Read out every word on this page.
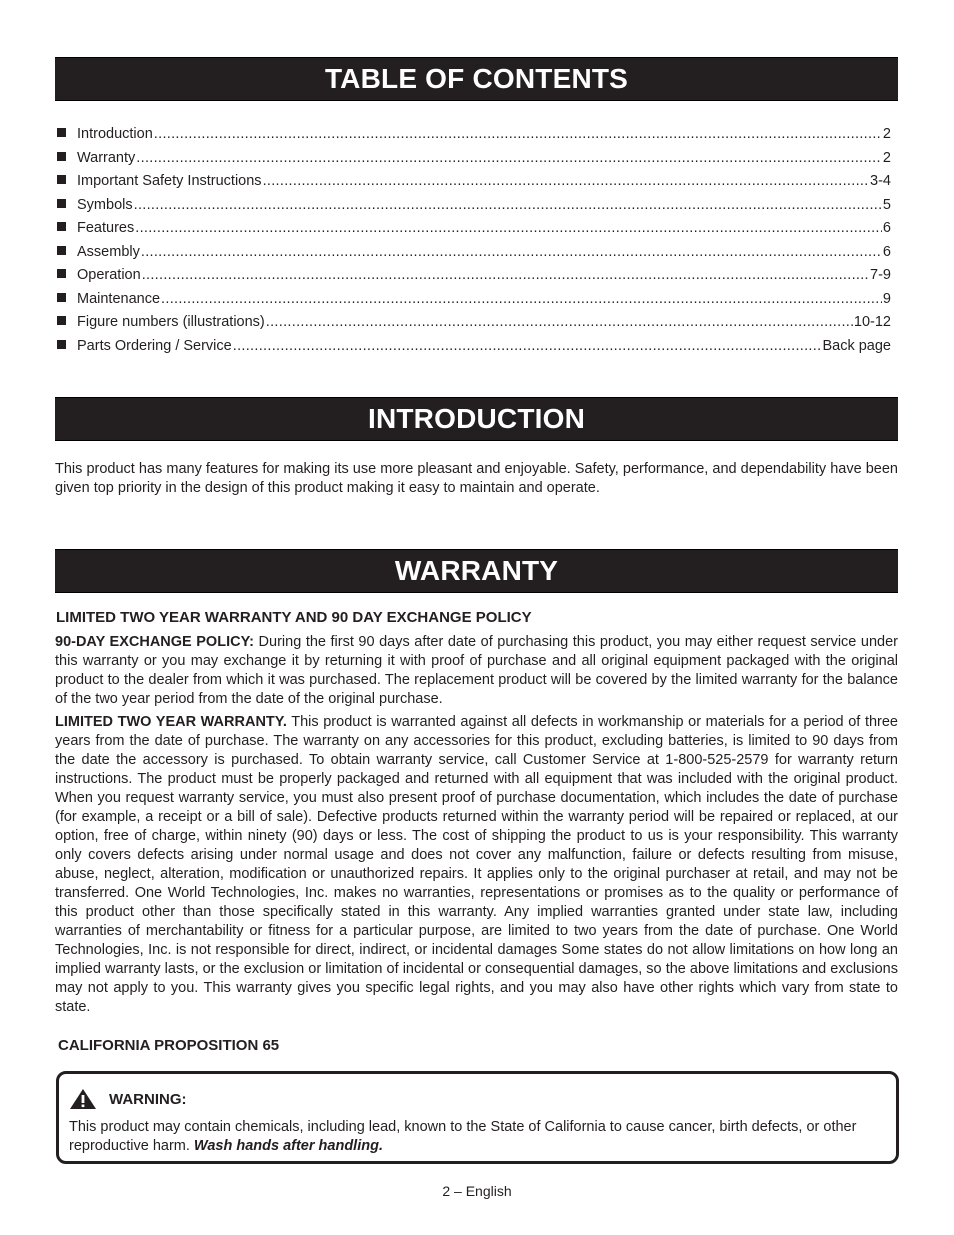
TABLE OF CONTENTS
Introduction .....	2
Warranty .....	2
Important Safety Instructions .....	3-4
Symbols .....	5
Features .....	6
Assembly .....	6
Operation .....	7-9
Maintenance .....	9
Figure numbers (illustrations) .....	10-12
Parts Ordering / Service .....	Back page
INTRODUCTION

This product has many features for making its use more pleasant and enjoyable. Safety, performance, and dependability have been given top priority in the design of this product making it easy to maintain and operate.

WARRANTY

LIMITED TWO YEAR WARRANTY AND 90 DAY EXCHANGE POLICY

90-DAY EXCHANGE POLICY: During the first 90 days after date of purchasing this product, you may either request service under this warranty or you may exchange it by returning it with proof of purchase and all original equipment packaged with the original product to the dealer from which it was purchased. The replacement product will be covered by the limited warranty for the balance of the two year period from the date of the original purchase.

LIMITED TWO YEAR WARRANTY. This product is warranted against all defects in workmanship or materials for a period of three years from the date of purchase. The warranty on any accessories for this product, excluding batteries, is limited to 90 days from the date the accessory is purchased. To obtain warranty service, call Customer Service at 1-800-525-2579 for warranty return instructions. The product must be properly packaged and returned with all equipment that was included with the original product. When you request warranty service, you must also present proof of purchase documentation, which includes the date of purchase (for example, a receipt or a bill of sale). Defective products returned within the warranty period will be repaired or replaced, at our option, free of charge, within ninety (90) days or less. The cost of shipping the product to us is your responsibility. This warranty only covers defects arising under normal usage and does not cover any malfunction, failure or defects resulting from misuse, abuse, neglect, alteration, modification or unauthorized repairs. It applies only to the original purchaser at retail, and may not be transferred. One World Technologies, Inc. makes no warranties, representations or promises as to the quality or performance of this product other than those specifically stated in this warranty. Any implied warranties granted under state law, including warranties of merchantability or fitness for a particular purpose, are limited to two years from the date of purchase. One World Technologies, Inc. is not responsible for direct, indirect, or incidental damages Some states do not allow limitations on how long an implied warranty lasts, or the exclusion or limitation of incidental or consequential damages, so the above limitations and exclusions may not apply to you. This warranty gives you specific legal rights, and you may also have other rights which vary from state to state.

CALIFORNIA PROPOSITION 65

WARNING:

This product may contain chemicals, including lead, known to the State of California to cause cancer, birth defects, or other reproductive harm. Wash hands after handling.

2 – English
